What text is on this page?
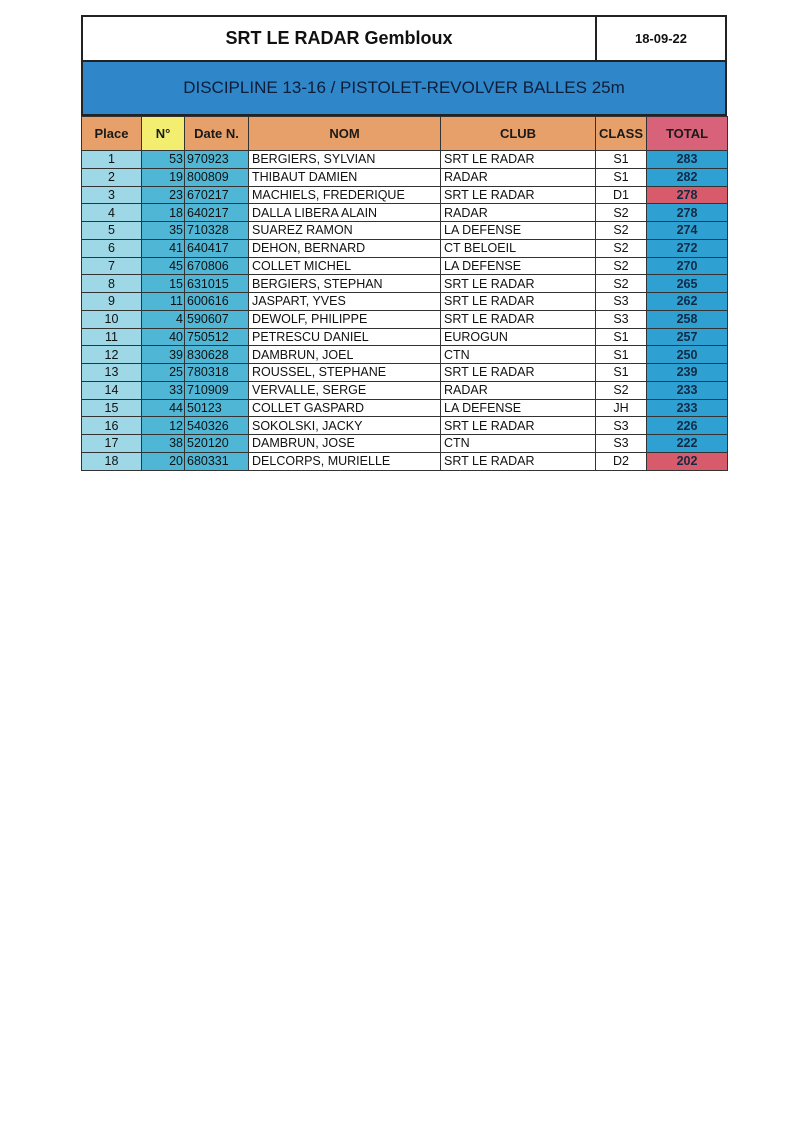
SRT LE RADAR Gembloux	18-09-22
DISCIPLINE 13-16 / PISTOLET-REVOLVER BALLES 25m
Place	N°	Date N.	NOM	CLUB	CLASS	TOTAL
1	53	970923	BERGIERS, SYLVIAN	SRT LE RADAR	S1	283
2	19	800809	THIBAUT DAMIEN	RADAR	S1	282
3	23	670217	MACHIELS, FREDERIQUE	SRT LE RADAR	D1	278
4	18	640217	DALLA LIBERA ALAIN	RADAR	S2	278
5	35	710328	SUAREZ RAMON	LA DEFENSE	S2	274
6	41	640417	DEHON, BERNARD	CT BELOEIL	S2	272
7	45	670806	COLLET MICHEL	LA DEFENSE	S2	270
8	15	631015	BERGIERS, STEPHAN	SRT LE RADAR	S2	265
9	11	600616	JASPART, YVES	SRT LE RADAR	S3	262
10	4	590607	DEWOLF, PHILIPPE	SRT LE RADAR	S3	258
11	40	750512	PETRESCU DANIEL	EUROGUN	S1	257
12	39	830628	DAMBRUN, JOEL	CTN	S1	250
13	25	780318	ROUSSEL, STEPHANE	SRT LE RADAR	S1	239
14	33	710909	VERVALLE, SERGE	RADAR	S2	233
15	44	50123	COLLET GASPARD	LA DEFENSE	JH	233
16	12	540326	SOKOLSKI, JACKY	SRT LE RADAR	S3	226
17	38	520120	DAMBRUN, JOSE	CTN	S3	222
18	20	680331	DELCORPS, MURIELLE	SRT LE RADAR	D2	202
